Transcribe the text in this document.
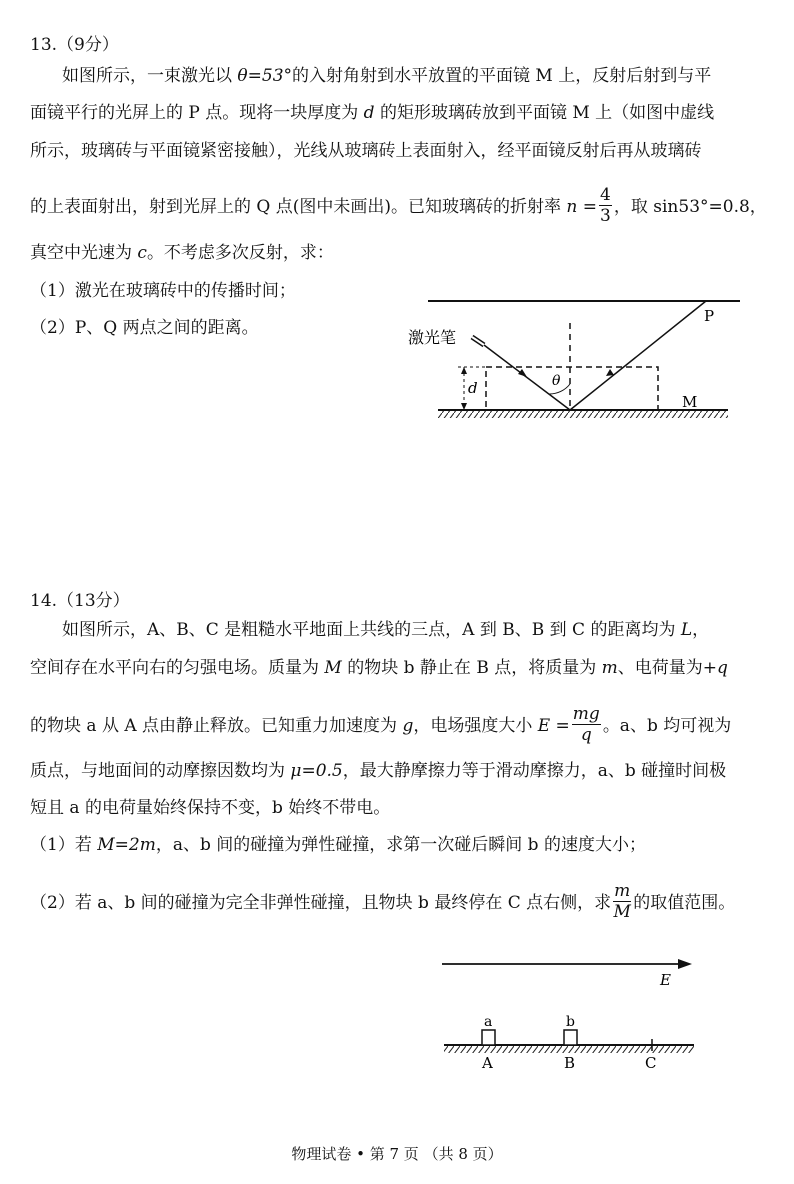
13.（9分）
如图所示，一束激光以 θ=53°的入射角射到水平放置的平面镜 M 上，反射后射到与平
面镜平行的光屏上的 P 点。现将一块厚度为 d 的矩形玻璃砖放到平面镜 M 上（如图中虚线
所示，玻璃砖与平面镜紧密接触），光线从玻璃砖上表面射入，经平面镜反射后再从玻璃砖
的上表面射出，射到光屏上的 Q 点(图中未画出)。已知玻璃砖的折射率 $n = \frac{4}{3}$ ，取 sin53°=0.8，
真空中光速为 c。不考虑多次反射，求：
（1）激光在玻璃砖中的传播时间；
（2）P、Q 两点之间的距离。
θ
d
激光笔
P
M
14.（13分）
如图所示，A、B、C 是粗糙水平地面上共线的三点，A 到 B、B 到 C 的距离均为 L，
空间存在水平向右的匀强电场。质量为 M 的物块 b 静止在 B 点，将质量为 m、电荷量为+q
的物块 a 从 A 点由静止释放。已知重力加速度为 g，电场强度大小 $E = \frac{mg}{q}$ 。a、b 均可视为
质点，与地面间的动摩擦因数均为 μ=0.5，最大静摩擦力等于滑动摩擦力，a、b 碰撞时间极
短且 a 的电荷量始终保持不变，b 始终不带电。
（1）若 M=2m，a、b 间的碰撞为弹性碰撞，求第一次碰后瞬间 b 的速度大小；
（2）若 a、b 间的碰撞为完全非弹性碰撞，且物块 b 最终停在 C 点右侧，求 $\frac{m}{M}$ 的取值范围。
E
a	b
A	B	C
物理试卷 • 第 7 页 （共 8 页）
